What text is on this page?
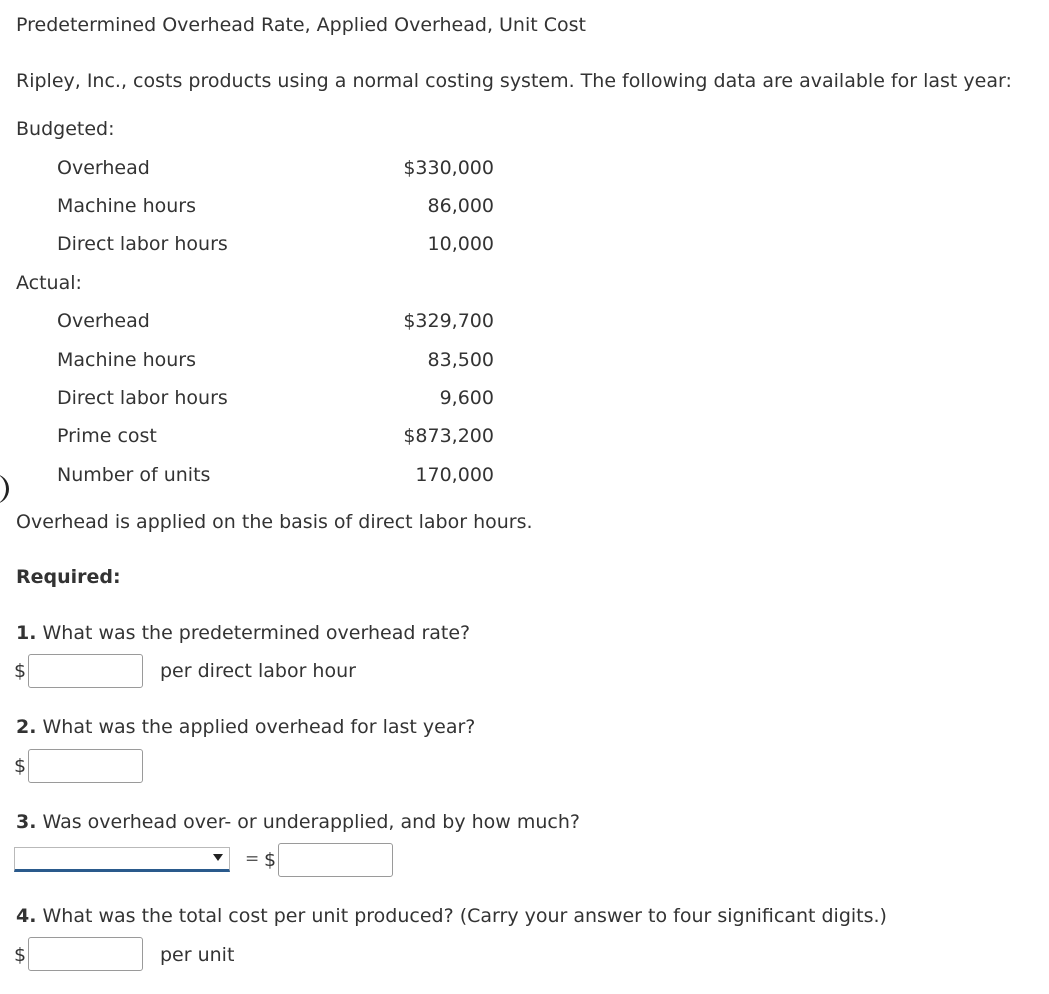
Predetermined Overhead Rate, Applied Overhead, Unit Cost
Ripley, Inc., costs products using a normal costing system. The following data are available for last year:
Budgeted:
Overhead	$330,000
Machine hours	86,000
Direct labor hours	10,000
Actual:
Overhead	$329,700
Machine hours	83,500
Direct labor hours	9,600
Prime cost	$873,200
Number of units	170,000
Overhead is applied on the basis of direct labor hours.
Required:
1. What was the predetermined overhead rate?
$	per direct labor hour
2. What was the applied overhead for last year?
$
3. Was overhead over- or underapplied, and by how much?
= $
4. What was the total cost per unit produced? (Carry your answer to four significant digits.)
$	per unit
